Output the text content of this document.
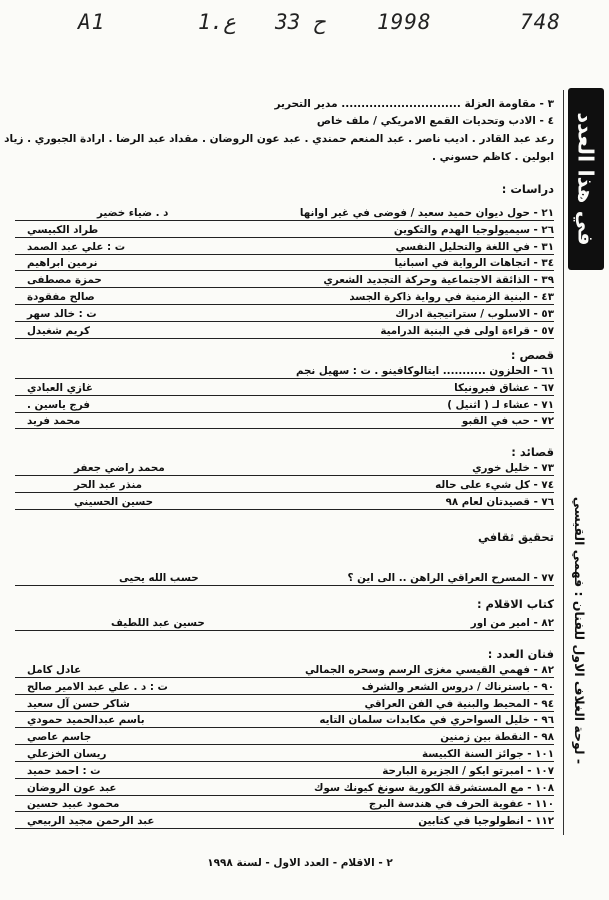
748
1998
33 ح
1.ع
A1
في هذا العدد
- لوحة الغلاف الاول للفنان : فهمي القيسي
٣ - مقاومة العزلة .............................. مدير التحرير
٤ - الادب وتحديات القمع الامريكي / ملف خاص
رعد عبد القادر . اديب ناصر . عبد المنعم حمندي . عبد عون الروضان . مقداد عبد الرضا . ارادة الجبوري . زياد
ابولين . كاظم حسوني .
دراسات :
٢١ - حول ديوان حميد سعيد / فوضى في غير اوانها
د . ضياء خضير
٢٦ - سيميولوجيا الهدم والتكوين
طراد الكبيسي
٣١ - في اللغة والتحليل النفسي
ت : علي عبد الصمد
٣٤ - اتجاهات الرواية في اسبانيا
نرمين ابراهيم
٣٩ - الذائقة الاجتماعية وحركة التجديد الشعري
حمزة مصطفى
٤٣ - البنية الزمنية في رواية ذاكرة الجسد
صالح مفقودة
٥٣ - الاسلوب / ستراتيجية ادراك
ت : خالد سهر
٥٧ - قراءة اولى في البنية الدرامية
كريم شغيدل
قصص :
٦١ - الحلزون ........... ايتالوكافينو . ت : سهيل نجم
٦٧ - عشاق فيرونيكا
غازي العبادي
٧١ - عشاء لـ ( اثنيل )
فرج ياسين .
٧٢ - حب في القبو
محمد فريد
قصائد :
٧٣ - خليل خوري
محمد راضي جعفر
٧٤ - كل شيء على حاله
منذر عبد الحر
٧٦ - قصيدتان لعام ٩٨
حسين الحسيني
تحقيق ثقافي
٧٧ - المسرح العراقي الراهن .. الى اين ؟
حسب الله يحيى
كتاب الاقلام :
٨٢ - امير من اور
حسين عبد اللطيف
فنان العدد :
٨٢ - فهمي القيسي مغزى الرسم وسحره الجمالي
عادل كامل
٩٠ - باسترناك / دروس الشعر والشرف
ت : د . علي عبد الامير صالح
٩٤ - المحيط والبنية في الفن العراقي
شاكر حسن آل سعيد
٩٦ - خليل السواحري في مكابدات سلمان التايه
باسم عبدالحميد حمودي
٩٨ - النقطة بين زمنين
جاسم عاصي
١٠١ - جوائز السنة الكبيسة
ريسان الخزعلي
١٠٧ - امبرتو ايكو / الجزيرة البارحة
ت : احمد حميد
١٠٨ - مع المستشرقة الكورية سونغ كيونك سوك
عبد عون الروضان
١١٠ - عفوية الحرف في هندسة البرج
محمود عبيد حسين
١١٢ - انطولوجيا في كتابين
عبد الرحمن مجيد الربيعي
٢ - الاقلام - العدد الاول - لسنة ١٩٩٨
